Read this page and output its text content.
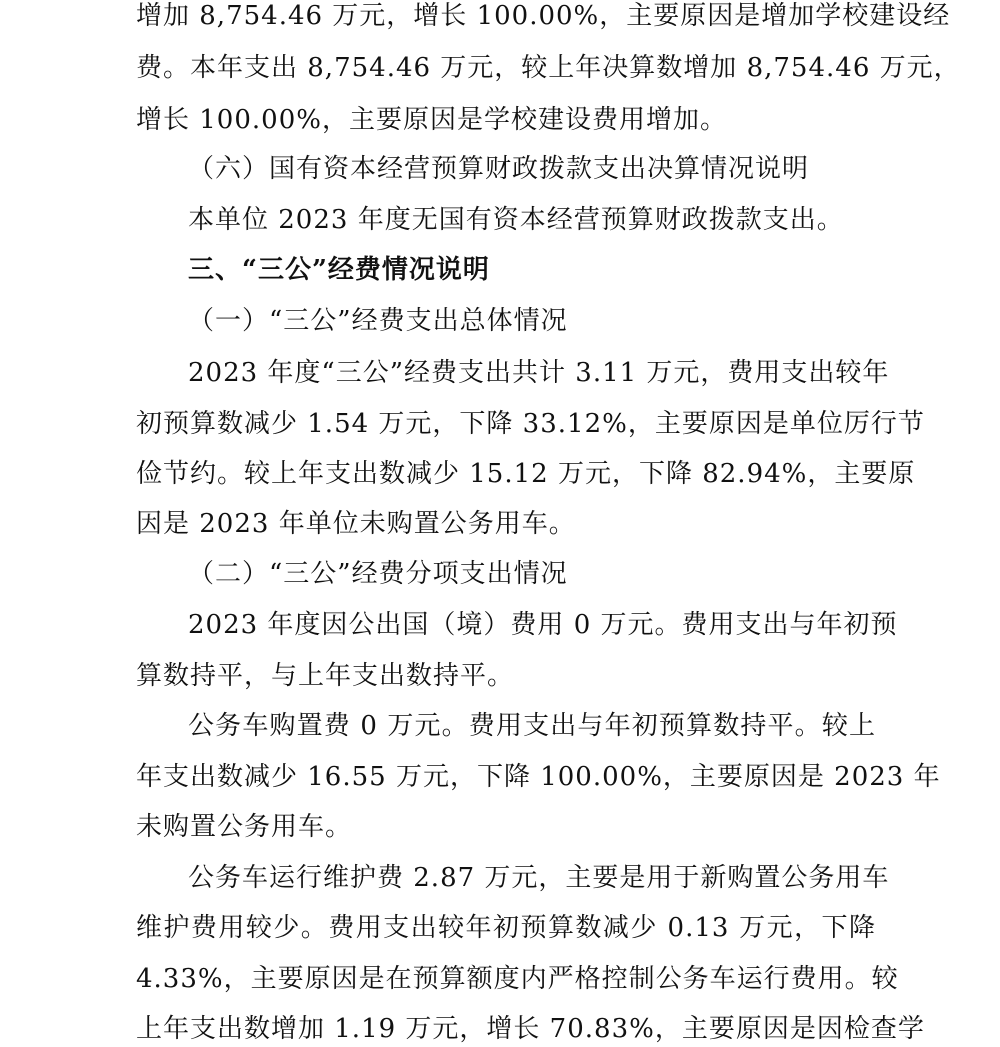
增加 8,754.46 万元，增长 100.00%，主要原因是增加学校建设经
费。本年支出 8,754.46 万元，较上年决算数增加 8,754.46 万元，
增长 100.00%，主要原因是学校建设费用增加。
（六）国有资本经营预算财政拨款支出决算情况说明
本单位 2023 年度无国有资本经营预算财政拨款支出。
三、“三公”经费情况说明
（一）“三公”经费支出总体情况
2023 年度“三公”经费支出共计 3.11 万元，费用支出较年
初预算数减少 1.54 万元，下降 33.12%，主要原因是单位厉行节
俭节约。较上年支出数减少 15.12 万元，下降 82.94%，主要原
因是 2023 年单位未购置公务用车。
（二）“三公”经费分项支出情况
2023 年度因公出国（境）费用 0 万元。费用支出与年初预
算数持平，与上年支出数持平。
公务车购置费 0 万元。费用支出与年初预算数持平。较上
年支出数减少 16.55 万元，下降 100.00%，主要原因是 2023 年
未购置公务用车。
公务车运行维护费 2.87 万元，主要是用于新购置公务用车
维护费用较少。费用支出较年初预算数减少 0.13 万元，下降
4.33%，主要原因是在预算额度内严格控制公务车运行费用。较
上年支出数增加 1.19 万元，增长 70.83%，主要原因是因检查学
